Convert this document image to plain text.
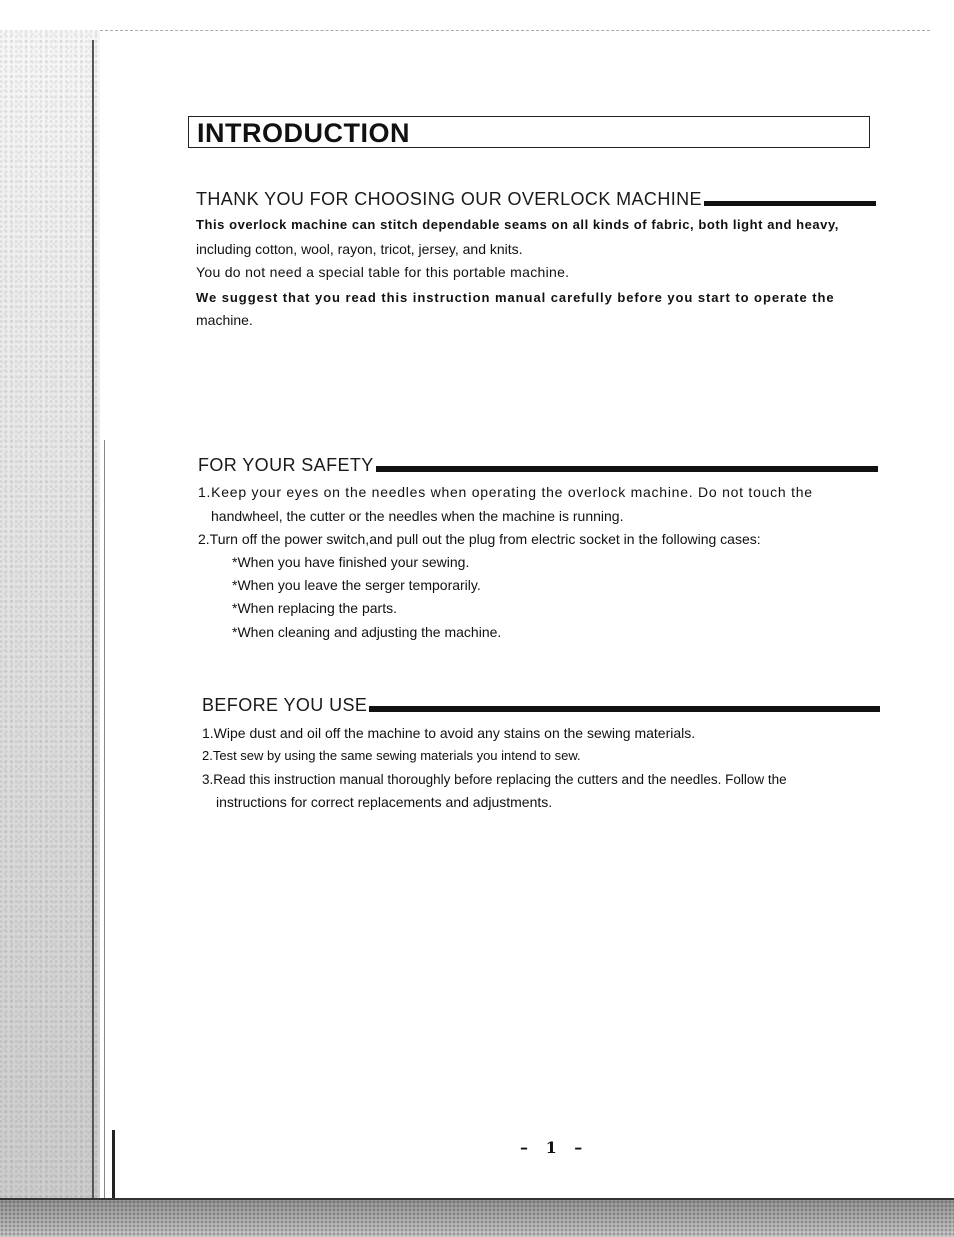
INTRODUCTION
THANK YOU FOR CHOOSING OUR OVERLOCK MACHINE
This overlock machine can stitch dependable seams on all kinds of fabric, both light and heavy,
including cotton, wool, rayon, tricot, jersey, and knits.
You do not need a special table for this portable machine.
We suggest that you read this instruction manual carefully before you start to operate the
machine.
FOR YOUR SAFETY
1.Keep your eyes on the needles when operating the overlock machine. Do not touch the
handwheel, the cutter or the needles when the machine is running.
2.Turn off the power switch,and pull out the plug from electric socket in the following cases:
*When you have finished your sewing.
*When you leave the serger temporarily.
*When replacing the parts.
*When cleaning and adjusting the machine.
BEFORE YOU USE
1.Wipe dust and oil off the machine to avoid any stains on the sewing materials.
2.Test sew by using the same sewing materials you intend to sew.
3.Read this instruction manual thoroughly before replacing the cutters and the needles. Follow the
instructions for correct replacements and adjustments.
– 1 –
